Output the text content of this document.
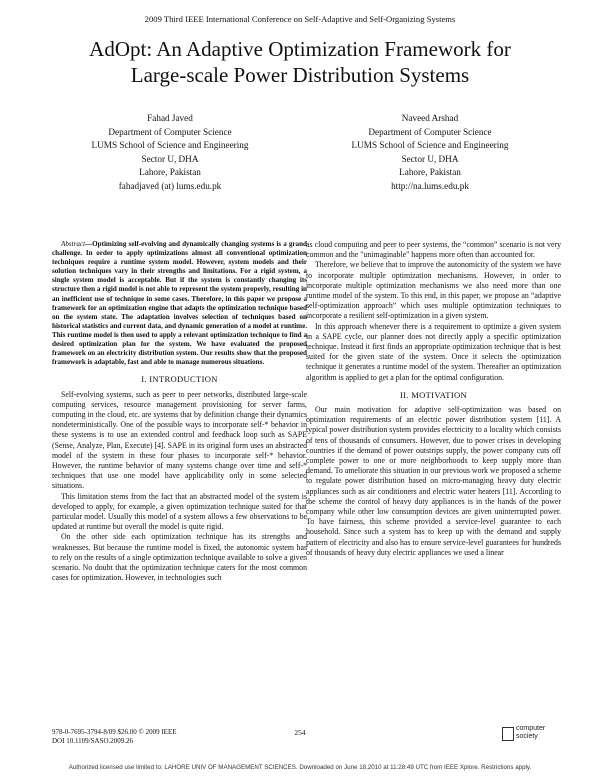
2009 Third IEEE International Conference on Self-Adaptive and Self-Organizing Systems
AdOpt: An Adaptive Optimization Framework for
Large-scale Power Distribution Systems
Fahad Javed
Department of Computer Science
LUMS School of Science and Engineering
Sector U, DHA
Lahore, Pakistan
fahadjaved (at) lums.edu.pk
Naveed Arshad
Department of Computer Science
LUMS School of Science and Engineering
Sector U, DHA
Lahore, Pakistan
http://na.lums.edu.pk

Abstract—Optimizing self-evolving and dynamically changing systems is a grand challenge. In order to apply optimizations almost all conventional optimization techniques require a runtime system model. However, system models and their solution techniques vary in their strengths and limitations. For a rigid system, a single system model is acceptable. But if the system is constantly changing its structure then a rigid model is not able to represent the system properly, resulting in an inefficient use of technique in some cases. Therefore, in this paper we propose a framework for an optimization engine that adapts the optimization technique based on the system state. The adaptation involves selection of techniques based on historical statistics and current data, and dynamic generation of a model at runtime. This runtime model is then used to apply a relevant optimization technique to find a desired optimization plan for the system. We have evaluated the proposed framework on an electricity distribution system. Our results show that the proposed framework is adaptable, fast and able to manage numerous situations.

I. INTRODUCTION

Self-evolving systems, such as peer to peer networks, distributed large-scale computing services, resource management provisioning for server farms, computing in the cloud, etc. are systems that by definition change their dynamics nondeterministically. One of the possible ways to incorporate self-* behavior in these systems is to use an extended control and feedback loop such as SAPE (Sense, Analyze, Plan, Execute) [4]. SAPE in its original form uses an abstracted model of the system in these four phases to incorporate self-* behavior. However, the runtime behavior of many systems change over time and self-* techniques that use one model have applicability only in some selected situations.

This limitation stems from the fact that an abstracted model of the system is developed to apply, for example, a given optimization technique suited for that particular model. Usually this model of a system allows a few observations to be updated at runtime but overall the model is quite rigid.

On the other side each optimization technique has its strengths and weaknesses. But because the runtime model is fixed, the autonomic system has to rely on the results of a single optimization technique available to solve a given scenario. No doubt that the optimization technique caters for the most common cases for optimization. However, in technologies such

as cloud computing and peer to peer systems, the “common” scenario is not very common and the "unimaginable" happens more often than accounted for.

Therefore, we believe that to improve the autonomicity of the system we have to incorporate multiple optimization mechanisms. However, in order to incorporate multiple optimization mechanisms we also need more than one runtime model of the system. To this end, in this paper, we propose an “adaptive self-optimization approach” which uses multiple optimization techniques to incorporate a resilient self-optimization in a given system.

In this approach whenever there is a requirement to optimize a given system in a SAPE cycle, our planner does not directly apply a specific optimization technique. Instead it first finds an appropriate optimization technique that is best suited for the given state of the system. Once it selects the optimization technique it generates a runtime model of the system. Thereafter an optimization algorithm is applied to get a plan for the optimal configuration.

II. MOTIVATION

Our main motivation for adaptive self-optimization was based on optimization requirements of an electric power distribution system [11]. A typical power distribution system provides electricity to a locality which consists of tens of thousands of consumers. However, due to power crises in developing countries if the demand of power outstrips supply, the power company cuts off complete power to one or more neighborhoods to keep supply more than demand. To ameliorate this situation in our previous work we proposed a scheme to regulate power distribution based on micro-managing heavy duty electric appliances such as air conditioners and electric water heaters [11]. According to the scheme the control of heavy duty appliances is in the hands of the power company while other low consumption devices are given uninterrupted power. To have fairness, this scheme provided a service-level guarantee to each household. Since such a system has to keep up with the demand and supply pattern of electricity and also has to ensure service-level guarantees for hundreds of thousands of heavy duty electric appliances we used a linear

978-0-7695-3794-8/09 $26.00 © 2009 IEEE
DOI 10.1109/SASO.2009.26
254	computer
society
Authorized licensed use limited to: LAHORE UNIV OF MANAGEMENT SCIENCES. Downloaded on June 18,2010 at 11:28:49 UTC from IEEE Xplore. Restrictions apply.
